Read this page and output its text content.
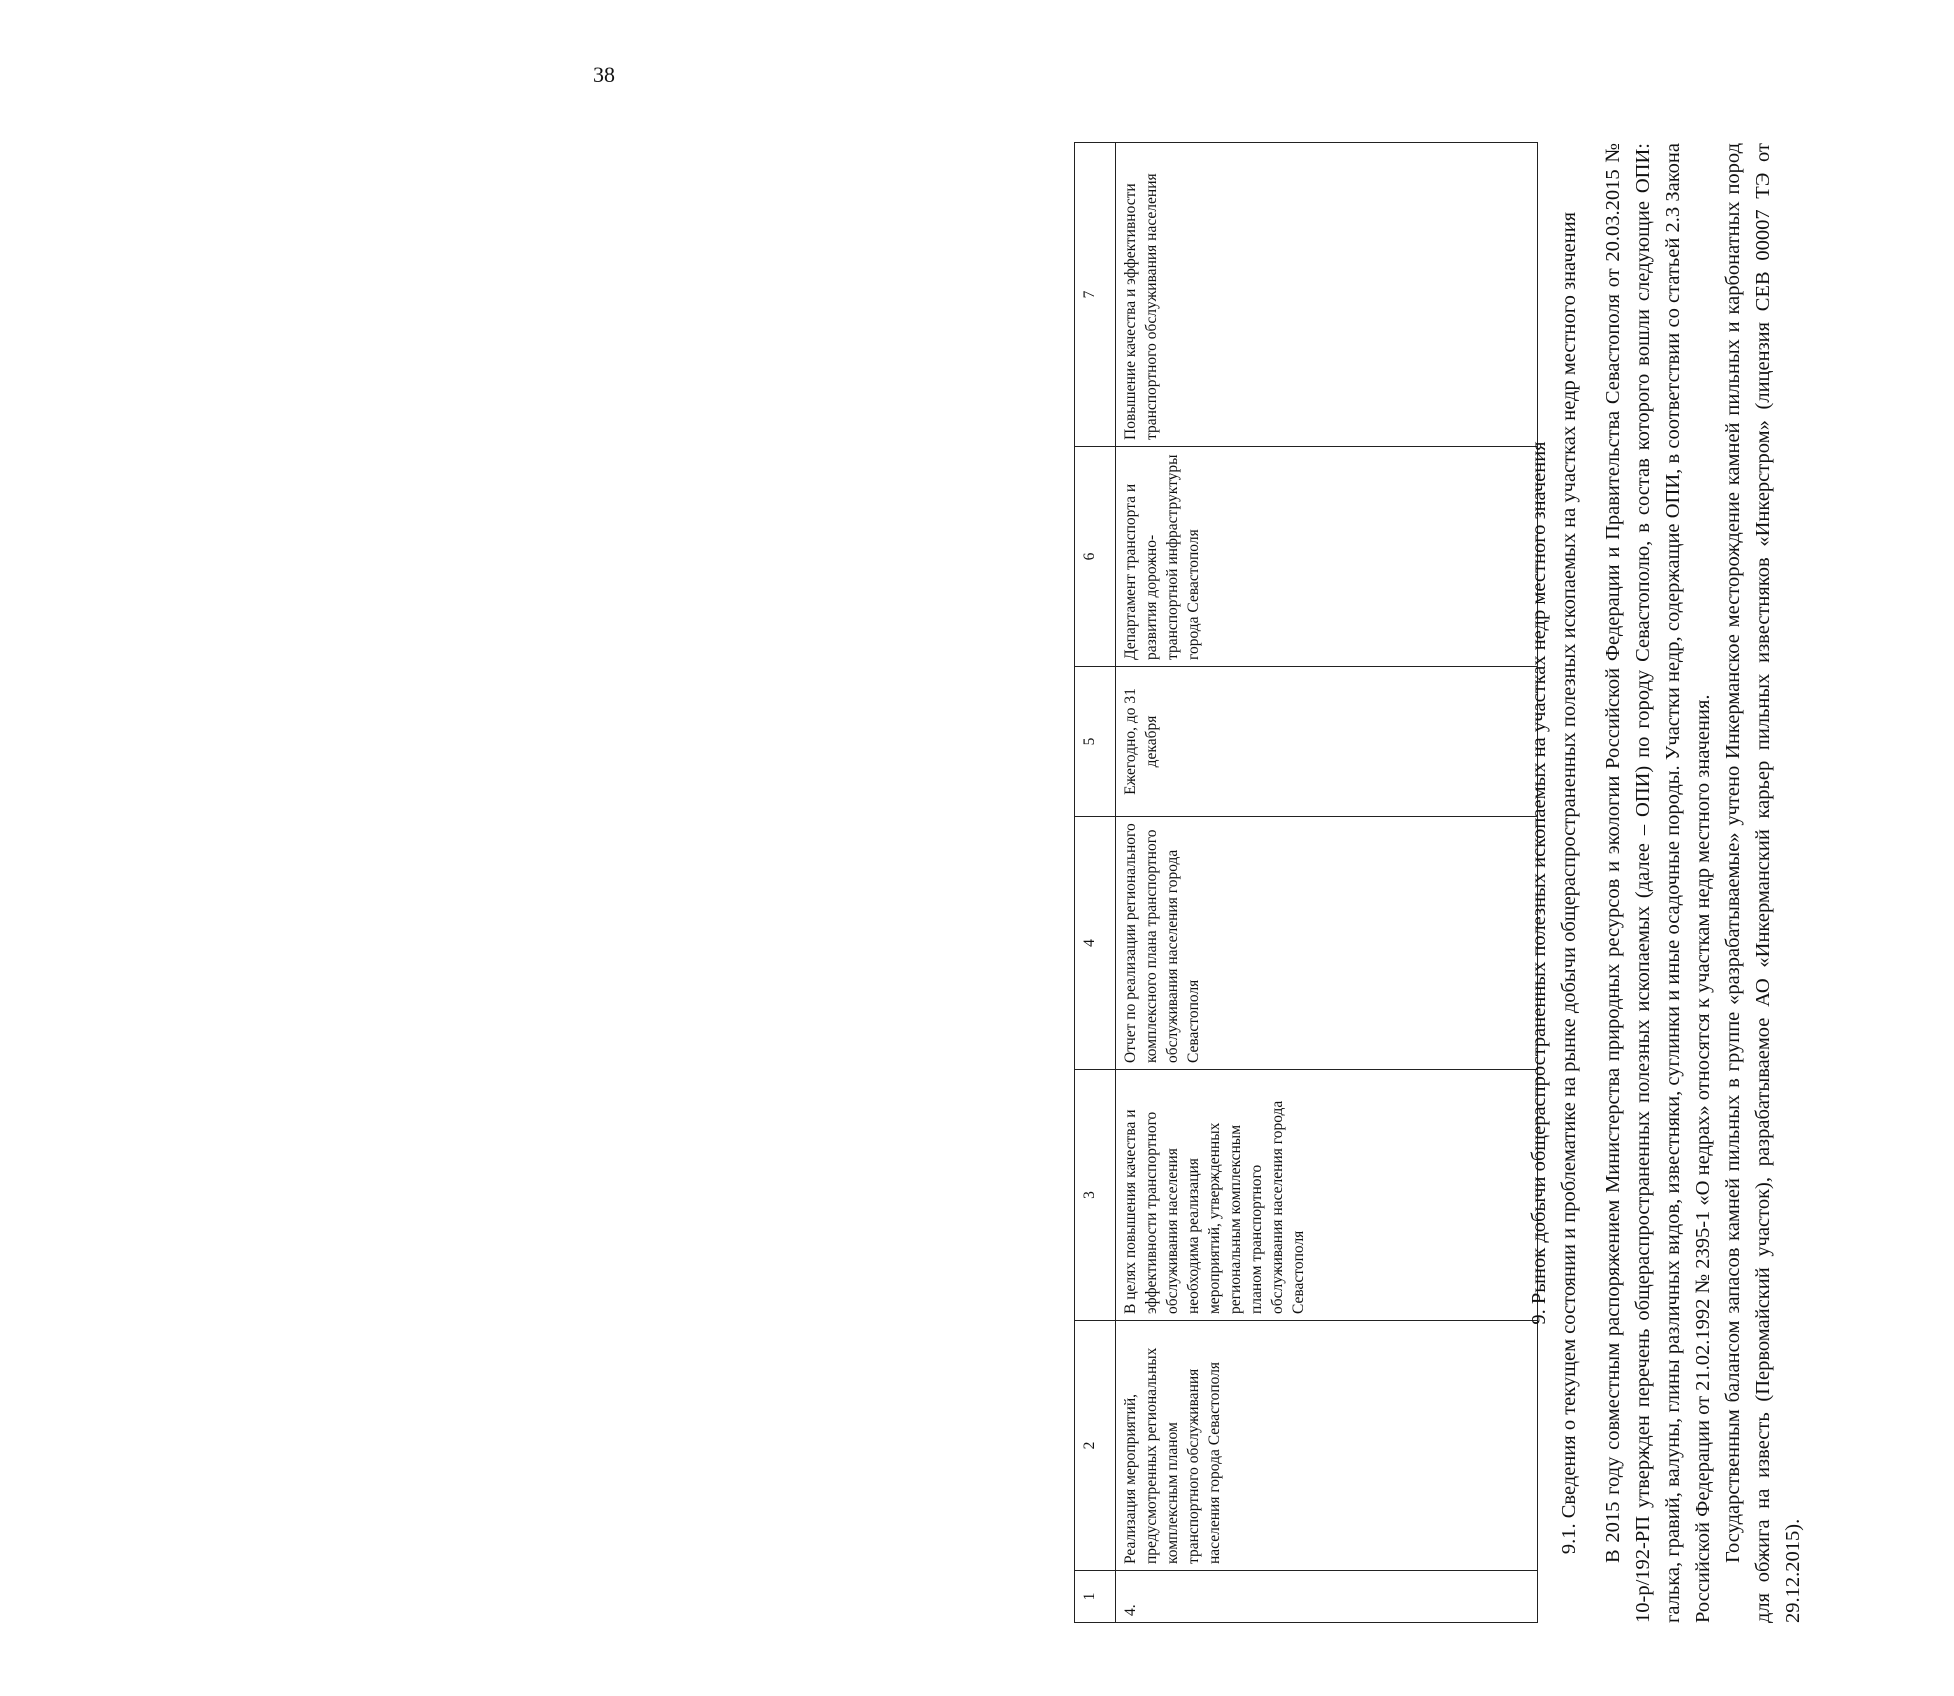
38
1	2	3	4	5	6	7
4.	Реализация мероприятий, предусмотренных региональных комплексным планом транспортного обслуживания населения города Севастополя	В целях повышения качества и эффективности транспортного обслуживания населения необходима реализация мероприятий, утвержденных региональным комплексным планом транспортного обслуживания населения города Севастополя	Отчет по реализации регионального комплексного плана транспортного обслуживания населения города Севастополя	Ежегодно, до 31 декабря	Департамент транспорта и развития дорожно-транспортной инфраструктуры города Севастополя	Повышение качества и эффективности транспортного обслуживания населения

9. Рынок добычи общераспространенных полезных ископаемых на участках недр местного значения 9.1. Сведения о текущем состоянии и проблематике на рынке добычи общераспространенных полезных ископаемых на участках недр местного значения В 2015 году совместным распоряжением Министерства природных ресурсов и экологии Российской Федерации и Правительства Севастополя от 20.03.2015 № 10-р/192-РП утвержден перечень общераспространенных полезных ископаемых (далее – ОПИ) по городу Севастополю, в состав которого вошли следующие ОПИ: галька, гравий, валуны, глины различных видов, известняки, суглинки и иные осадочные породы. Участки недр, содержащие ОПИ, в соответствии со статьей 2.3 Закона Российской Федерации от 21.02.1992 № 2395-1 «О недрах» относятся к участкам недр местного значения. Государственным балансом запасов камней пильных в группе «разрабатываемые» учтено Инкерманское месторождение камней пильных и карбонатных пород для обжига на известь (Первомайский участок), разрабатываемое АО «Инкерманский карьер пильных известняков «Инкерстром» (лицензия СЕВ 00007 ТЭ от 29.12.2015).
